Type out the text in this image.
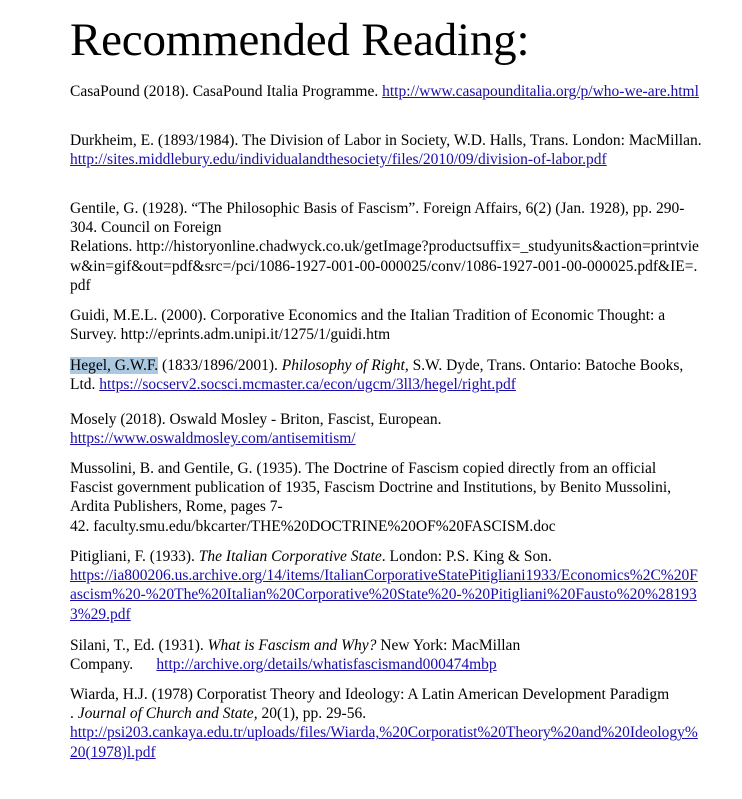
Recommended Reading:

CasaPound (2018). CasaPound Italia Programme. http://www.casapounditalia.org/p/who-we-are.html

Durkheim, E. (1893/1984). The Division of Labor in Society, W.D. Halls, Trans. London: MacMillan. http://sites.middlebury.edu/individualandthesociety/files/2010/09/division-of-labor.pdf

Gentile, G. (1928). “The Philosophic Basis of Fascism”. Foreign Affairs, 6(2) (Jan. 1928), pp. 290-304. Council on Foreign
Relations. http://historyonline.chadwyck.co.uk/getImage?productsuffix=_studyunits&action=printview&in=gif&out=pdf&src=/pci/1086-1927-001-00-000025/conv/1086-1927-001-00-000025.pdf&IE=.pdf

Guidi, M.E.L. (2000). Corporative Economics and the Italian Tradition of Economic Thought: a Survey. http://eprints.adm.unipi.it/1275/1/guidi.htm

Hegel, G.W.F. (1833/1896/2001). Philosophy of Right, S.W. Dyde, Trans. Ontario: Batoche Books, Ltd. https://socserv2.socsci.mcmaster.ca/econ/ugcm/3ll3/hegel/right.pdf

Mosely (2018). Oswald Mosley - Briton, Fascist, European.
https://www.oswaldmosley.com/antisemitism/

Mussolini, B. and Gentile, G. (1935). The Doctrine of Fascism copied directly from an official Fascist government publication of 1935, Fascism Doctrine and Institutions, by Benito Mussolini, Ardita Publishers, Rome, pages 7-
42. faculty.smu.edu/bkcarter/THE%20DOCTRINE%20OF%20FASCISM.doc

Pitigliani, F. (1933). The Italian Corporative State. London: P.S. King & Son.
https://ia800206.us.archive.org/14/items/ItalianCorporativeStatePitigliani1933/Economics%2C%20Fascism%20-%20The%20Italian%20Corporative%20State%20-%20Pitigliani%20Fausto%20%281933%29.pdf

Silani, T., Ed. (1931). What is Fascism and Why? New York: MacMillan
Company.      http://archive.org/details/whatisfascismand000474mbp

Wiarda, H.J. (1978) Corporatist Theory and Ideology: A Latin American Development Paradigm
. Journal of Church and State, 20(1), pp. 29-56.
http://psi203.cankaya.edu.tr/uploads/files/Wiarda,%20Corporatist%20Theory%20and%20Ideology%20(1978)l.pdf
